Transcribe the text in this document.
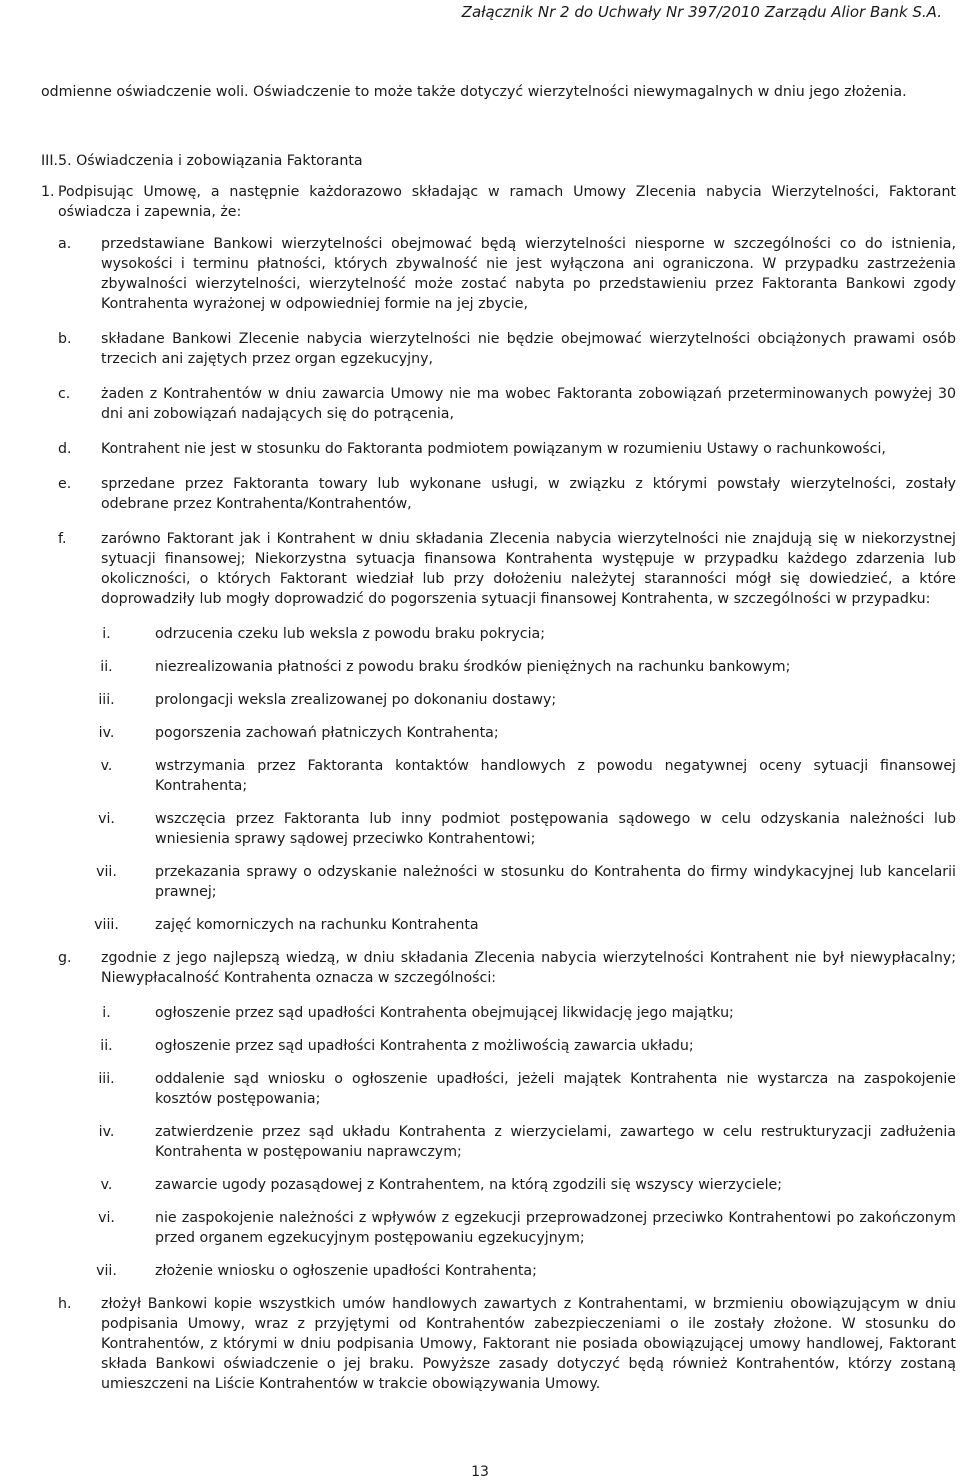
Załącznik Nr 2 do Uchwały Nr 397/2010 Zarządu Alior Bank S.A.

odmienne oświadczenie woli. Oświadczenie to może także dotyczyć wierzytelności niewymagalnych w dniu jego złożenia.

III.5. Oświadczenia i zobowiązania Faktoranta

1. Podpisując Umowę, a następnie każdorazowo składając w ramach Umowy Zlecenia nabycia Wierzytelności, Faktorant oświadcza i zapewnia, że:

a.	przedstawiane Bankowi wierzytelności obejmować będą wierzytelności niesporne w szczególności co do istnienia, wysokości i terminu płatności, których zbywalność nie jest wyłączona ani ograniczona. W przypadku zastrzeżenia zbywalności wierzytelności, wierzytelność może zostać nabyta po przedstawieniu przez Faktoranta Bankowi zgody Kontrahenta wyrażonej w odpowiedniej formie na jej zbycie,
b.	składane Bankowi Zlecenie nabycia wierzytelności nie będzie obejmować wierzytelności obciążonych prawami osób trzecich ani zajętych przez organ egzekucyjny,
c.	żaden z Kontrahentów w dniu zawarcia Umowy nie ma wobec Faktoranta zobowiązań przeterminowanych powyżej 30 dni ani zobowiązań nadających się do potrącenia,
d.	Kontrahent nie jest w stosunku do Faktoranta podmiotem powiązanym w rozumieniu Ustawy o rachunkowości,
e.	sprzedane przez Faktoranta towary lub wykonane usługi, w związku z którymi powstały wierzytelności, zostały odebrane przez Kontrahenta/Kontrahentów,
f.	zarówno Faktorant jak i Kontrahent w dniu składania Zlecenia nabycia wierzytelności nie znajdują się w niekorzystnej sytuacji finansowej; Niekorzystna sytuacja finansowa Kontrahenta występuje w przypadku każdego zdarzenia lub okoliczności, o których Faktorant wiedział lub przy dołożeniu należytej staranności mógł się dowiedzieć, a które doprowadziły lub mogły doprowadzić do pogorszenia sytuacji finansowej Kontrahenta, w szczególności w przypadku:
i.	odrzucenia czeku lub weksla z powodu braku pokrycia;
ii.	niezrealizowania płatności z powodu braku środków pieniężnych na rachunku bankowym;
iii.	prolongacji weksla zrealizowanej po dokonaniu dostawy;
iv.	pogorszenia zachowań płatniczych Kontrahenta;
v.	wstrzymania przez Faktoranta kontaktów handlowych z powodu negatywnej oceny sytuacji finansowej Kontrahenta;
vi.	wszczęcia przez Faktoranta lub inny podmiot postępowania sądowego w celu odzyskania należności lub wniesienia sprawy sądowej przeciwko Kontrahentowi;
vii.	przekazania sprawy o odzyskanie należności w stosunku do Kontrahenta do firmy windykacyjnej lub kancelarii prawnej;
viii.	zajęć komorniczych na rachunku Kontrahenta
g.	zgodnie z jego najlepszą wiedzą, w dniu składania Zlecenia nabycia wierzytelności Kontrahent nie był niewypłacalny; Niewypłacalność Kontrahenta oznacza w szczególności:
i.	ogłoszenie przez sąd upadłości Kontrahenta obejmującej likwidację jego majątku;
ii.	ogłoszenie przez sąd upadłości Kontrahenta z możliwością zawarcia układu;
iii.	oddalenie sąd wniosku o ogłoszenie upadłości, jeżeli majątek Kontrahenta nie wystarcza na zaspokojenie kosztów postępowania;
iv.	zatwierdzenie przez sąd układu Kontrahenta z wierzycielami, zawartego w celu restrukturyzacji zadłużenia Kontrahenta w postępowaniu naprawczym;
v.	zawarcie ugody pozasądowej z Kontrahentem, na którą zgodzili się wszyscy wierzyciele;
vi.	nie zaspokojenie należności z wpływów z egzekucji przeprowadzonej przeciwko Kontrahentowi po zakończonym przed organem egzekucyjnym postępowaniu egzekucyjnym;
vii.	złożenie wniosku o ogłoszenie upadłości Kontrahenta;
h.	złożył Bankowi kopie wszystkich umów handlowych zawartych z Kontrahentami, w brzmieniu obowiązującym w dniu podpisania Umowy, wraz z przyjętymi od Kontrahentów zabezpieczeniami o ile zostały złożone. W stosunku do Kontrahentów, z którymi w dniu podpisania Umowy, Faktorant nie posiada obowiązującej umowy handlowej, Faktorant składa Bankowi oświadczenie o jej braku. Powyższe zasady dotyczyć będą również Kontrahentów, którzy zostaną umieszczeni na Liście Kontrahentów w trakcie obowiązywania Umowy.
13
